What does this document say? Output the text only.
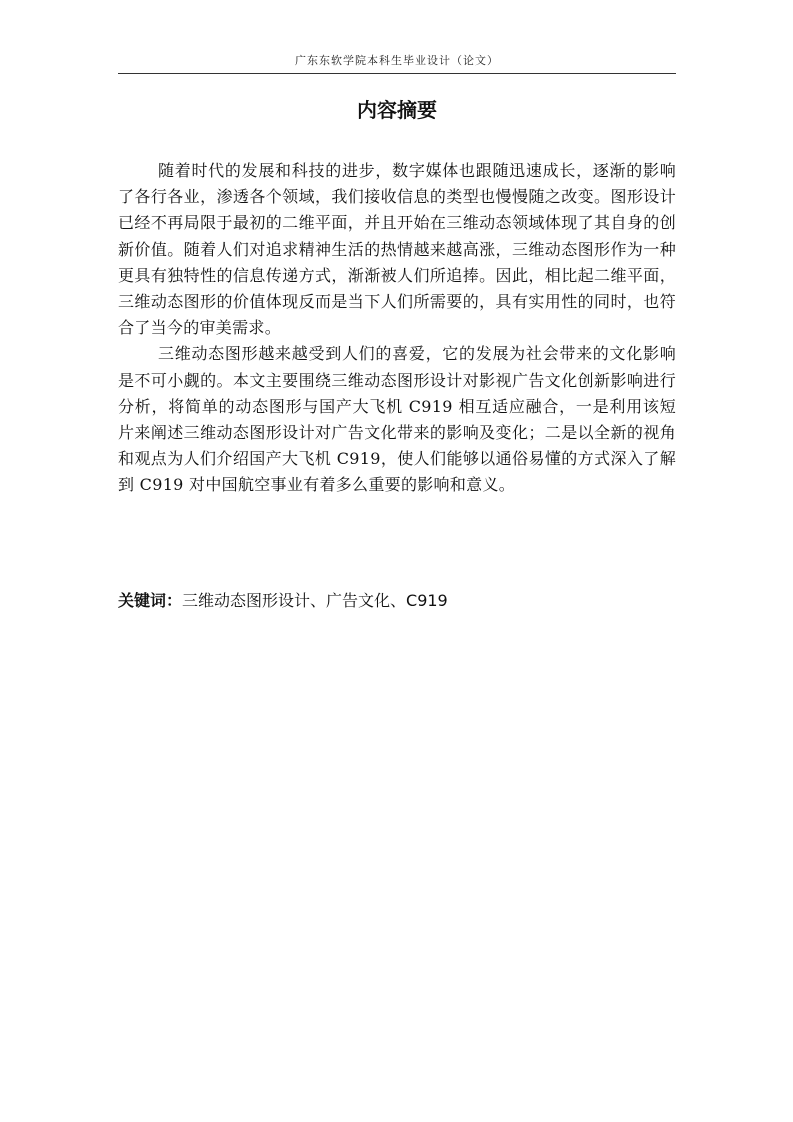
广东东软学院本科生毕业设计（论文）
内容摘要

随着时代的发展和科技的进步，数字媒体也跟随迅速成长，逐渐的影响了各行各业，渗透各个领域，我们接收信息的类型也慢慢随之改变。图形设计已经不再局限于最初的二维平面，并且开始在三维动态领域体现了其自身的创新价值。随着人们对追求精神生活的热情越来越高涨，三维动态图形作为一种更具有独特性的信息传递方式，渐渐被人们所追捧。因此，相比起二维平面，三维动态图形的价值体现反而是当下人们所需要的，具有实用性的同时，也符合了当今的审美需求。

三维动态图形越来越受到人们的喜爱，它的发展为社会带来的文化影响是不可小觑的。本文主要围绕三维动态图形设计对影视广告文化创新影响进行分析，将简单的动态图形与国产大飞机 C919 相互适应融合，一是利用该短片来阐述三维动态图形设计对广告文化带来的影响及变化；二是以全新的视角和观点为人们介绍国产大飞机 C919，使人们能够以通俗易懂的方式深入了解到 C919 对中国航空事业有着多么重要的影响和意义。

关键词：三维动态图形设计、广告文化、C919
